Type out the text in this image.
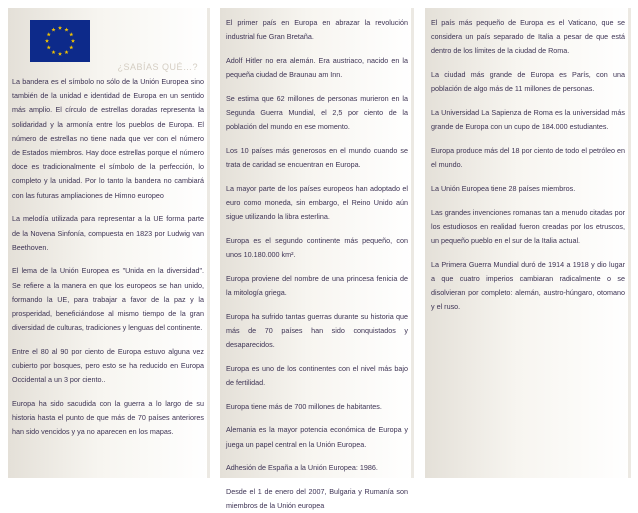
¿SABÍAS QUÉ…?

La bandera es el símbolo no sólo de la Unión Europea sino también de la unidad e identidad de Europa en un sentido más amplio. El círculo de estrellas doradas representa la solidaridad y la armonía entre los pueblos de Europa. El número de estrellas no tiene nada que ver con el número de Estados miembros. Hay doce estrellas porque el número doce es tradicionalmente el símbolo de la perfección, lo completo y la unidad. Por lo tanto la bandera no cambiará con las futuras ampliaciones de Himno europeo

La melodía utilizada para representar a la UE forma parte de la Novena Sinfonía, compuesta en 1823 por Ludwig van Beethoven.

El lema de la Unión Europea es "Unida en la diversidad". Se refiere a la manera en que los europeos se han unido, formando la UE, para trabajar a favor de la paz y la prosperidad, beneficiándose al mismo tiempo de la gran diversidad de culturas, tradiciones y lenguas del continente.

Entre el 80 al 90 por ciento de Europa estuvo alguna vez cubierto por bosques, pero esto se ha reducido en Europa Occidental a un 3 por ciento..

Europa ha sido sacudida con la guerra a lo largo de su historia hasta el punto de que más de 70 países anteriores han sido vencidos y ya no aparecen en los mapas.

El primer país en Europa en abrazar la revolución industrial fue Gran Bretaña.

Adolf Hitler no era alemán. Era austriaco, nacido en la pequeña ciudad de Braunau am Inn.

Se estima que 62 millones de personas murieron en la Segunda Guerra Mundial, el 2,5 por ciento de la población del mundo en ese momento.

Los 10 países más generosos en el mundo cuando se trata de caridad se encuentran en Europa.

La mayor parte de los países europeos han adoptado el euro como moneda, sin embargo, el Reino Unido aún sigue utilizando la libra esterlina.

Europa es el segundo continente más pequeño, con unos 10.180.000 km².

Europa proviene del nombre de una princesa fenicia de la mitología griega.

Europa ha sufrido tantas guerras durante su historia que más de 70 países han sido conquistados y desaparecidos.

Europa es uno de los continentes con el nivel más bajo de fertilidad.

Europa tiene más de 700 millones de habitantes.

Alemania es la mayor potencia económica de Europa y juega un papel central en la Unión Europea.

Adhesión de España a la Unión Europea: 1986.

Desde el 1 de enero del 2007, Bulgaria y Rumanía son miembros de la Unión europea

El país más pequeño de Europa es el Vaticano, que se considera un país separado de Italia a pesar de que está dentro de los límites de la ciudad de Roma.

La ciudad más grande de Europa es París, con una población de algo más de 11 millones de personas.

La Universidad La Sapienza de Roma es la universidad más grande de Europa con un cupo de 184.000 estudiantes.

Europa produce más del 18 por ciento de todo el petróleo en el mundo.

La Unión Europea tiene 28 países miembros.

Las grandes invenciones romanas tan a menudo citadas por los estudiosos en realidad fueron creadas por los etruscos, un pequeño pueblo en el sur de la Italia actual.

La Primera Guerra Mundial duró de 1914 a 1918 y dio lugar a que cuatro imperios cambiaran radicalmente o se disolvieran por completo: alemán, austro-húngaro, otomano y el ruso.
